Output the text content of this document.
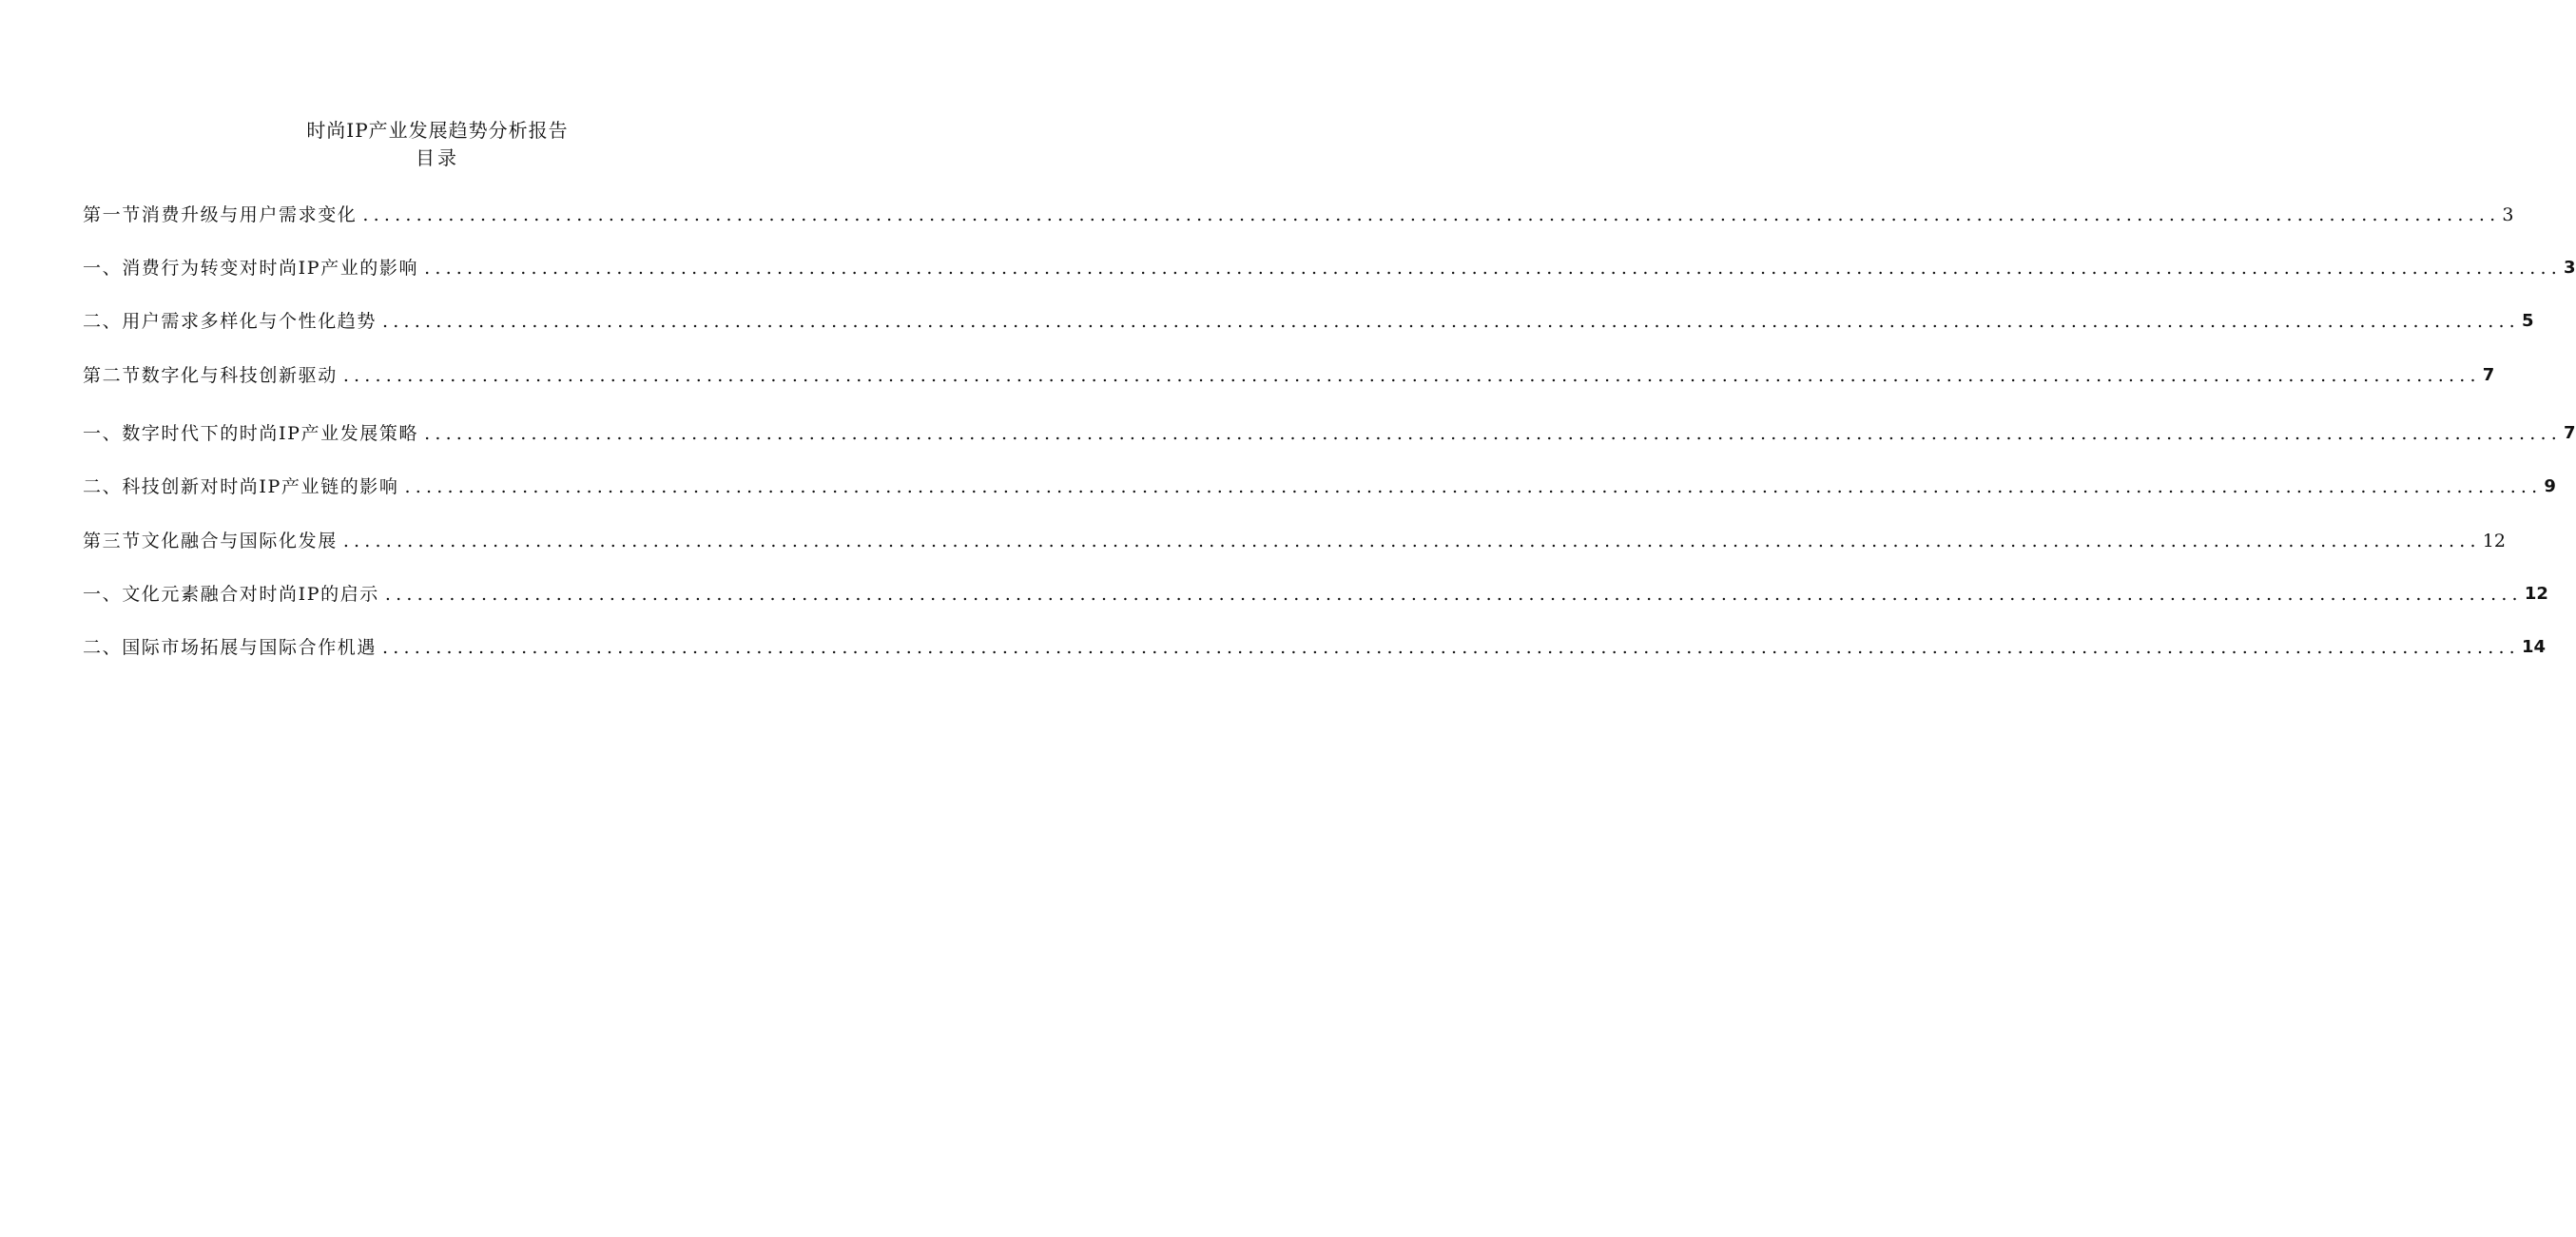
时尚IP产业发展趋势分析报告
目录
第一节消费升级与用户需求变化 ........................................................................................................................................................................................................ 3
一、消费行为转变对时尚IP产业的影响 ........................................................................................................................................................................................................ 3
二、用户需求多样化与个性化趋势 ........................................................................................................................................................................................................ 5
第二节数字化与科技创新驱动 ........................................................................................................................................................................................................ 7
一、数字时代下的时尚IP产业发展策略 ........................................................................................................................................................................................................ 7
二、科技创新对时尚IP产业链的影响 ........................................................................................................................................................................................................ 9
第三节文化融合与国际化发展 ........................................................................................................................................................................................................ 12
一、文化元素融合对时尚IP的启示 ........................................................................................................................................................................................................ 12
二、国际市场拓展与国际合作机遇 ........................................................................................................................................................................................................ 14
